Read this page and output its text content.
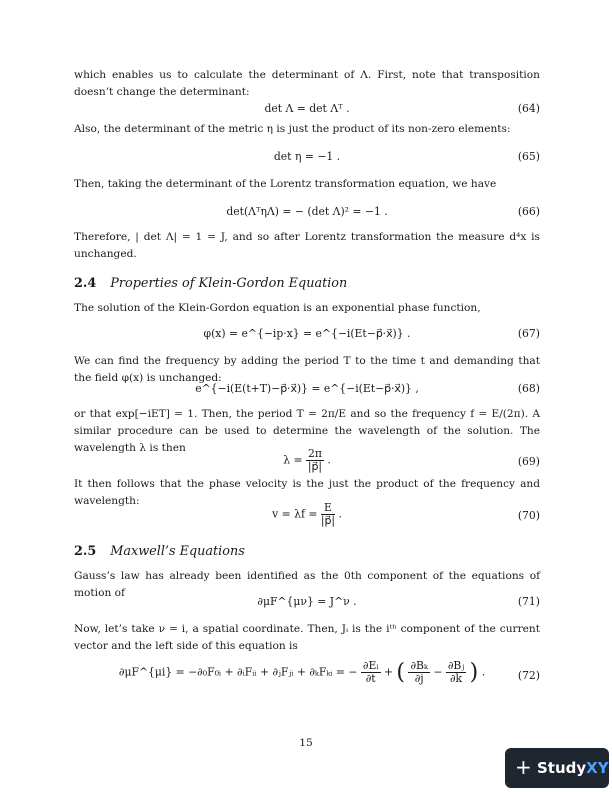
which enables us to calculate the determinant of Λ. First, note that transposition doesn’t change the determinant:
det Λ = det Λᵀ .	(64)
Also, the determinant of the metric η is just the product of its non-zero elements:
det η = −1 .	(65)
Then, taking the determinant of the Lorentz transformation equation, we have
det(ΛᵀηΛ) = − (det Λ)² = −1 .	(66)
Therefore, | det Λ| = 1 = J, and so after Lorentz transformation the measure d⁴x is unchanged.
2.4 Properties of Klein-Gordon Equation
The solution of the Klein-Gordon equation is an exponential phase function,
φ(x) = e^{−ip·x} = e^{−i(Et−p⃗·x⃗)} .	(67)
We can find the frequency by adding the period T to the time t and demanding that the field φ(x) is unchanged:
e^{−i(E(t+T)−p⃗·x⃗)} = e^{−i(Et−p⃗·x⃗)} ,	(68)
or that exp[−iET] = 1. Then, the period T = 2π/E and so the frequency f = E/(2π). A similar procedure can be used to determine the wavelength of the solution. The wavelength λ is then
$\lambda = \frac{2\pi}{|p⃗|}$ .	(69)
It then follows that the phase velocity is the just the product of the frequency and wavelength:
$v = \lambda f = \frac{E}{|p⃗|}$ .	(70)
2.5 Maxwell’s Equations
Gauss’s law has already been identified as the 0th component of the equations of motion of
∂μF^{μν} = J^ν .	(71)
Now, let’s take ν = i, a spatial coordinate. Then, Jᵢ is the iᵗʰ component of the current vector and the left side of this equation is
∂μF^{μi} = −∂₀F₀ᵢ + ∂ᵢFᵢᵢ + ∂ⱼFⱼᵢ + ∂ₖFₖᵢ = − $\frac{\text{∂Eᵢ}}{\partial t}$ + ( $\frac{\text{∂Bₖ}}{\partial j} - \frac{\text{∂Bⱼ}}{\partial k}$ ) .	(72)
15
+ StudyXY
